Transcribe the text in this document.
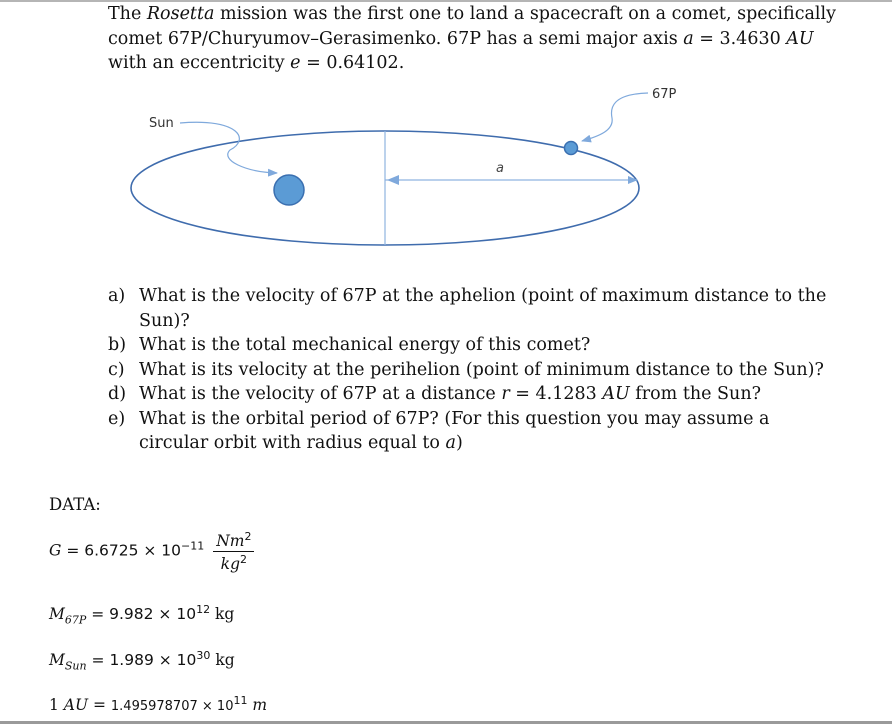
The Rosetta mission was the first one to land a spacecraft on a comet, specifically
comet 67P/Churyumov–Gerasimenko. 67P has a semi major axis a = 3.4630 AU
with an eccentricity e = 0.64102.
a
Sun
67P
a) What is the velocity of 67P at the aphelion (point of maximum distance to the Sun)?
b) What is the total mechanical energy of this comet?
c) What is its velocity at the perihelion (point of minimum distance to the Sun)?
d) What is the velocity of 67P at a distance r = 4.1283 AU from the Sun?
e) What is the orbital period of 67P? (For this question you may assume a circular orbit with radius equal to a)
DATA:
$G = 6.6725 \times 10^{-11} \frac{Nm^2}{kg^2}$
$M_{67P} = 9.982 \times 10^{12}$ kg
$M_{Sun} = 1.989 \times 10^{30}$ kg
1 AU = $1.495978707 \times 10^{11}$ m
